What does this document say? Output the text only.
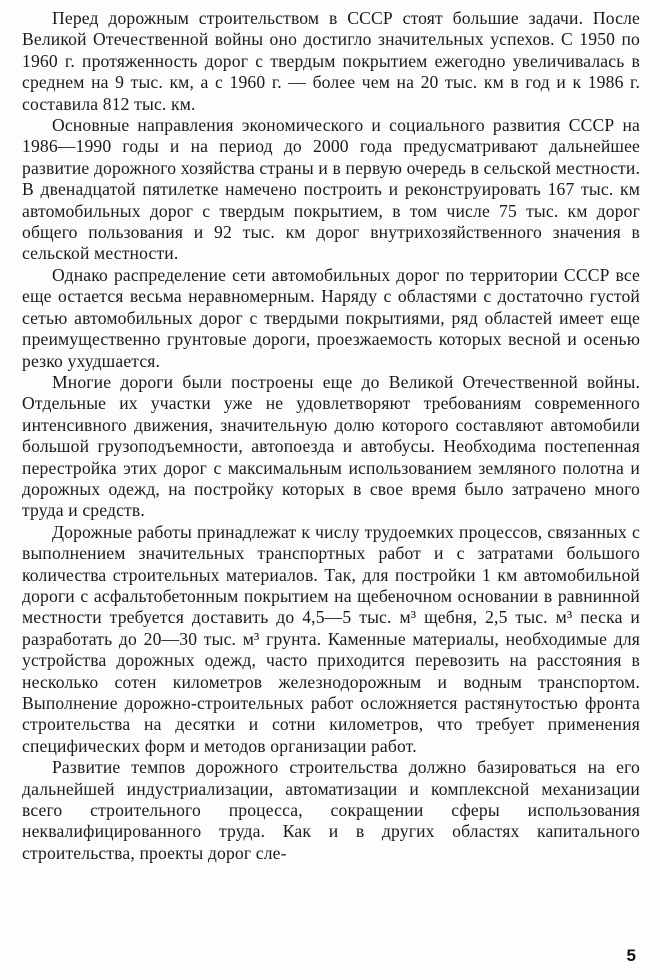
Перед дорожным строительством в СССР стоят большие задачи. После Великой Отечественной войны оно достигло значительных успехов. С 1950 по 1960 г. протяженность дорог с твердым покрытием ежегодно увеличивалась в среднем на 9 тыс. км, а с 1960 г. — более чем на 20 тыс. км в год и к 1986 г. составила 812 тыс. км.

Основные направления экономического и социального развития СССР на 1986—1990 годы и на период до 2000 года предусматривают дальнейшее развитие дорожного хозяйства страны и в первую очередь в сельской местности. В двенадцатой пятилетке намечено построить и реконструировать 167 тыс. км автомобильных дорог с твердым покрытием, в том числе 75 тыс. км дорог общего пользования и 92 тыс. км дорог внутрихозяйственного значения в сельской местности.

Однако распределение сети автомобильных дорог по территории СССР все еще остается весьма неравномерным. Наряду с областями с достаточно густой сетью автомобильных дорог с твердыми покрытиями, ряд областей имеет еще преимущественно грунтовые дороги, проезжаемость которых весной и осенью резко ухудшается.

Многие дороги были построены еще до Великой Отечественной войны. Отдельные их участки уже не удовлетворяют требованиям современного интенсивного движения, значительную долю которого составляют автомобили большой грузоподъемности, автопоезда и автобусы. Необходима постепенная перестройка этих дорог с максимальным использованием земляного полотна и дорожных одежд, на постройку которых в свое время было затрачено много труда и средств.

Дорожные работы принадлежат к числу трудоемких процессов, связанных с выполнением значительных транспортных работ и с затратами большого количества строительных материалов. Так, для постройки 1 км автомобильной дороги с асфальтобетонным покрытием на щебеночном основании в равнинной местности требуется доставить до 4,5—5 тыс. м³ щебня, 2,5 тыс. м³ песка и разработать до 20—30 тыс. м³ грунта. Каменные материалы, необходимые для устройства дорожных одежд, часто приходится перевозить на расстояния в несколько сотен километров железнодорожным и водным транспортом. Выполнение дорожно-строительных работ осложняется растянутостью фронта строительства на десятки и сотни километров, что требует применения специфических форм и методов организации работ.

Развитие темпов дорожного строительства должно базироваться на его дальнейшей индустриализации, автоматизации и комплексной механизации всего строительного процесса, сокращении сферы использования неквалифицированного труда. Как и в других областях капитального строительства, проекты дорог сле-

5
